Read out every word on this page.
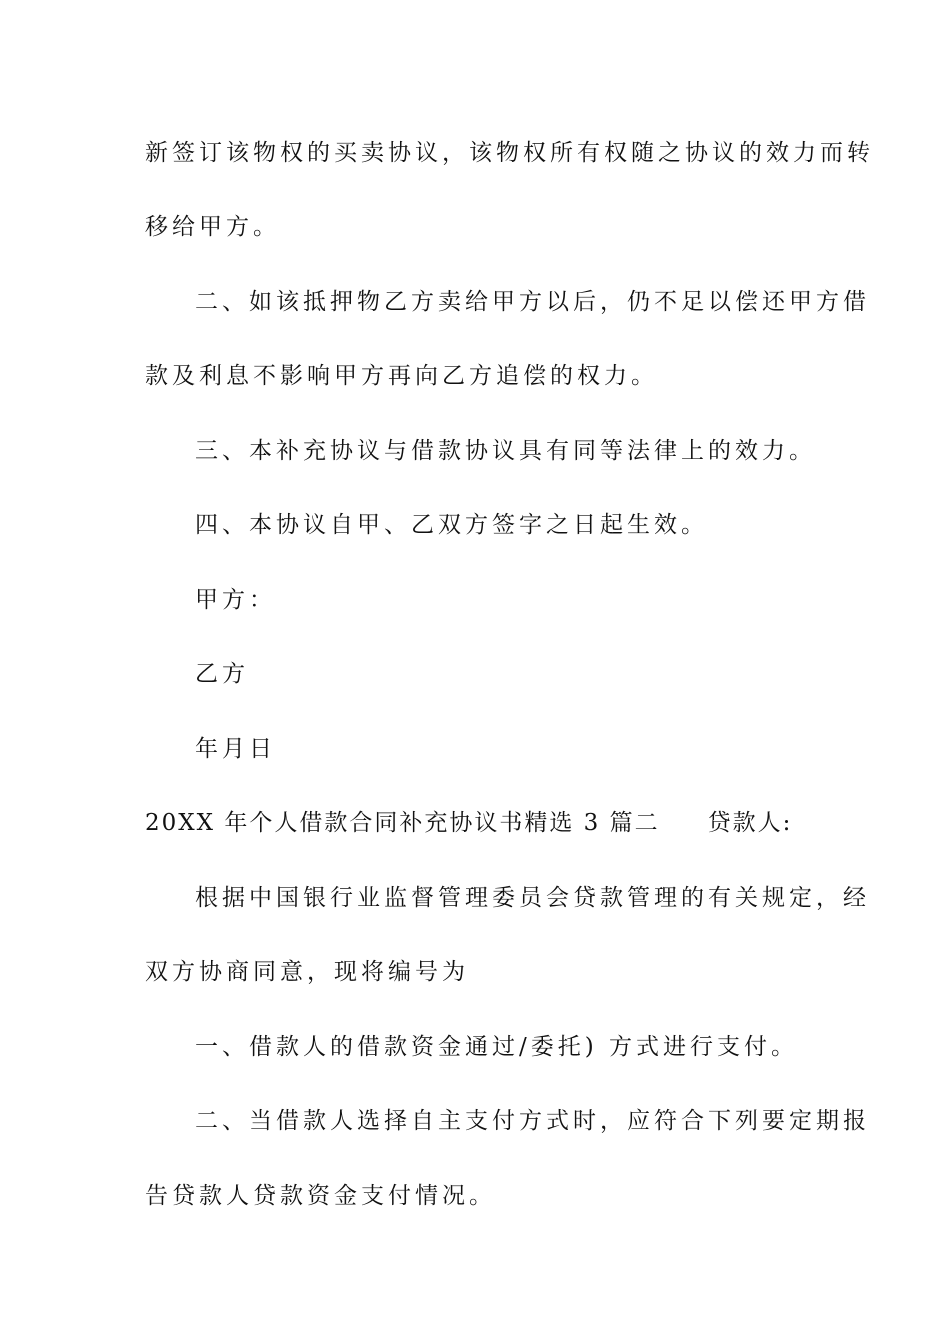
新签订该物权的买卖协议，该物权所有权随之协议的效力而转
移给甲方。
二、如该抵押物乙方卖给甲方以后，仍不足以偿还甲方借
款及利息不影响甲方再向乙方追偿的权力。
三、本补充协议与借款协议具有同等法律上的效力。
四、本协议自甲、乙双方签字之日起生效。
甲方：
乙方
年月日
20XX 年个人借款合同补充协议书精选 3 篇二 贷款人:
根据中国银行业监督管理委员会贷款管理的有关规定，经
双方协商同意，现将编号为
一、借款人的借款资金通过/委托) 方式进行支付。
二、当借款人选择自主支付方式时，应符合下列要定期报
告贷款人贷款资金支付情况。
